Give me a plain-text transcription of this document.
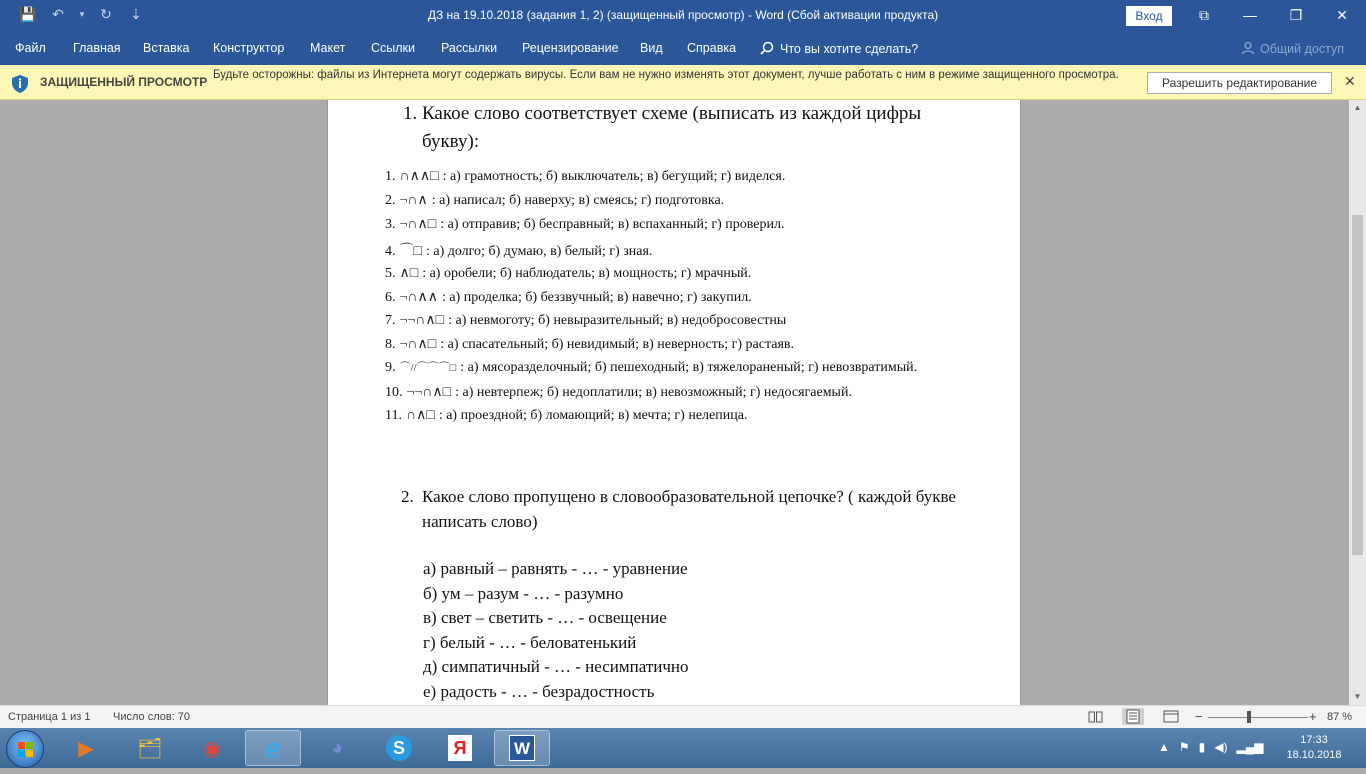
💾 ↶	▾ ↻ ⇣	ДЗ на 19.10.2018 (задания 1, 2) (защищенный просмотр) - Word (Сбой активации продукта)	Вход	⧉	—	❐	✕
Файл Главная Вставка Конструктор Макет Ссылки Рассылки Рецензирование Вид Справка	Что вы хотите сделать?	Общий доступ
ЗАЩИЩЕННЫЙ ПРОСМОТР Будьте осторожны: файлы из Интернета могут содержать вирусы. Если вам не нужно изменять этот документ, лучше работать с ним в режиме защищенного просмотра.
Разрешить редактирование	✕
1. Какое слово соответствует схеме (выписать из каждой цифры букву):
1. ∩∧∧□ : а) грамотность; б) выключатель; в) бегущий; г) виделся.
2. ¬∩∧ : а) написал; б) наверху; в) смеясь; г) подготовка.
3. ¬∩∧□ : а) отправив; б) бесправный; в) вспаханный; г) проверил.
4. ⌒□ : а) долго; б) думаю, в) белый; г) зная.
5. ∧□ : а) оробели; б) наблюдатель; в) мощность; г) мрачный.
6. ¬∩∧∧ : а) проделка; б) беззвучный; в) навечно; г) закупил.
7. ¬¬∩∧□ : а) невмоготу; б) невыразительный; в) недобросовестны
8. ¬∩∧□ : а) спасательный; б) невидимый; в) неверность; г) растаяв.
9. ⌒//⌒⌒⌒□ : а) мясоразделочный; б) пешеходный; в) тяжелораненый; г) невозвратимый.
10. ¬¬∩∧□ : а) невтерпеж; б) недоплатили; в) невозможный; г) недосягаемый.
11. ∩∧□ : а) проездной; б) ломающий; в) мечта; г) нелепица.
2. Какое слово пропущено в словообразовательной цепочке? ( каждой букве написать слово)
а) равный – равнять - … - уравнение
б) ум – разум - … - разумно
в) свет – светить - … - освещение
г) белый - … - беловатенький
д) симпатичный - … - несимпатично
е) радость - … - безрадостность
▲
▼
Страница 1 из 1 Число слов: 70	−	+ 87 %
▶ 🗂 ◉ ℯ	◕	S	Я	W	▲ ⚑ ▮ ◀) ▂▄▆	17:33
18.10.2018
